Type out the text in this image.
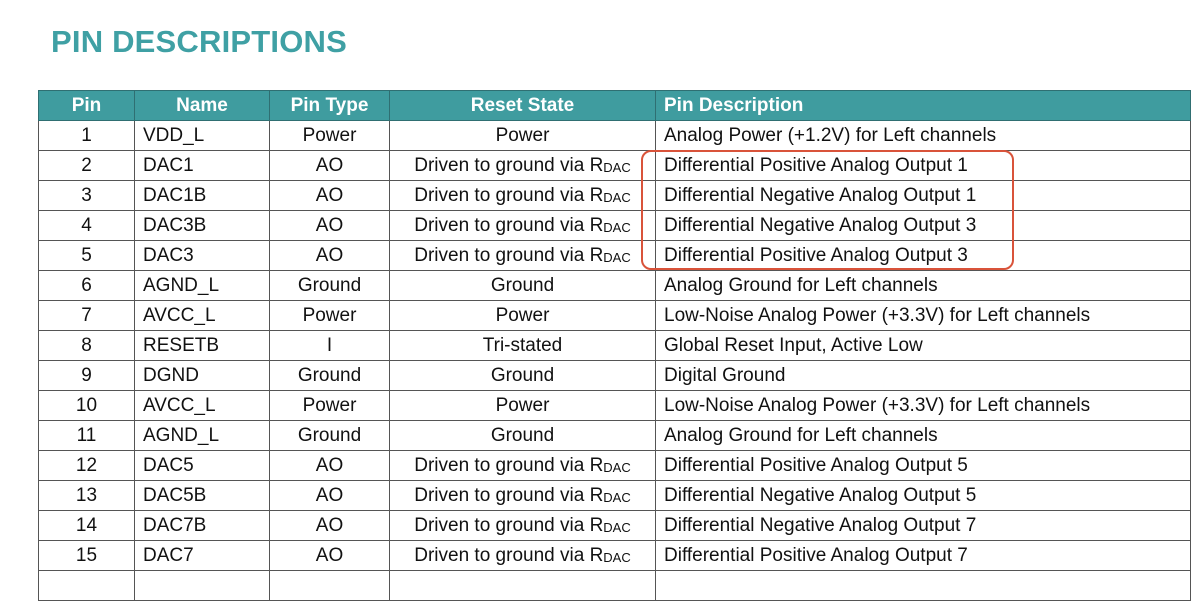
PIN DESCRIPTIONS
Pin	Name	Pin Type	Reset State	Pin Description
1	VDD_L	Power	Power	Analog Power (+1.2V) for Left channels
2	DAC1	AO	Driven to ground via RDAC	Differential Positive Analog Output 1
3	DAC1B	AO	Driven to ground via RDAC	Differential Negative Analog Output 1
4	DAC3B	AO	Driven to ground via RDAC	Differential Negative Analog Output 3
5	DAC3	AO	Driven to ground via RDAC	Differential Positive Analog Output 3
6	AGND_L	Ground	Ground	Analog Ground for Left channels
7	AVCC_L	Power	Power	Low-Noise Analog Power (+3.3V) for Left channels
8	RESETB	I	Tri-stated	Global Reset Input, Active Low
9	DGND	Ground	Ground	Digital Ground
10	AVCC_L	Power	Power	Low-Noise Analog Power (+3.3V) for Left channels
11	AGND_L	Ground	Ground	Analog Ground for Left channels
12	DAC5	AO	Driven to ground via RDAC	Differential Positive Analog Output 5
13	DAC5B	AO	Driven to ground via RDAC	Differential Negative Analog Output 5
14	DAC7B	AO	Driven to ground via RDAC	Differential Negative Analog Output 7
15	DAC7	AO	Driven to ground via RDAC	Differential Positive Analog Output 7
